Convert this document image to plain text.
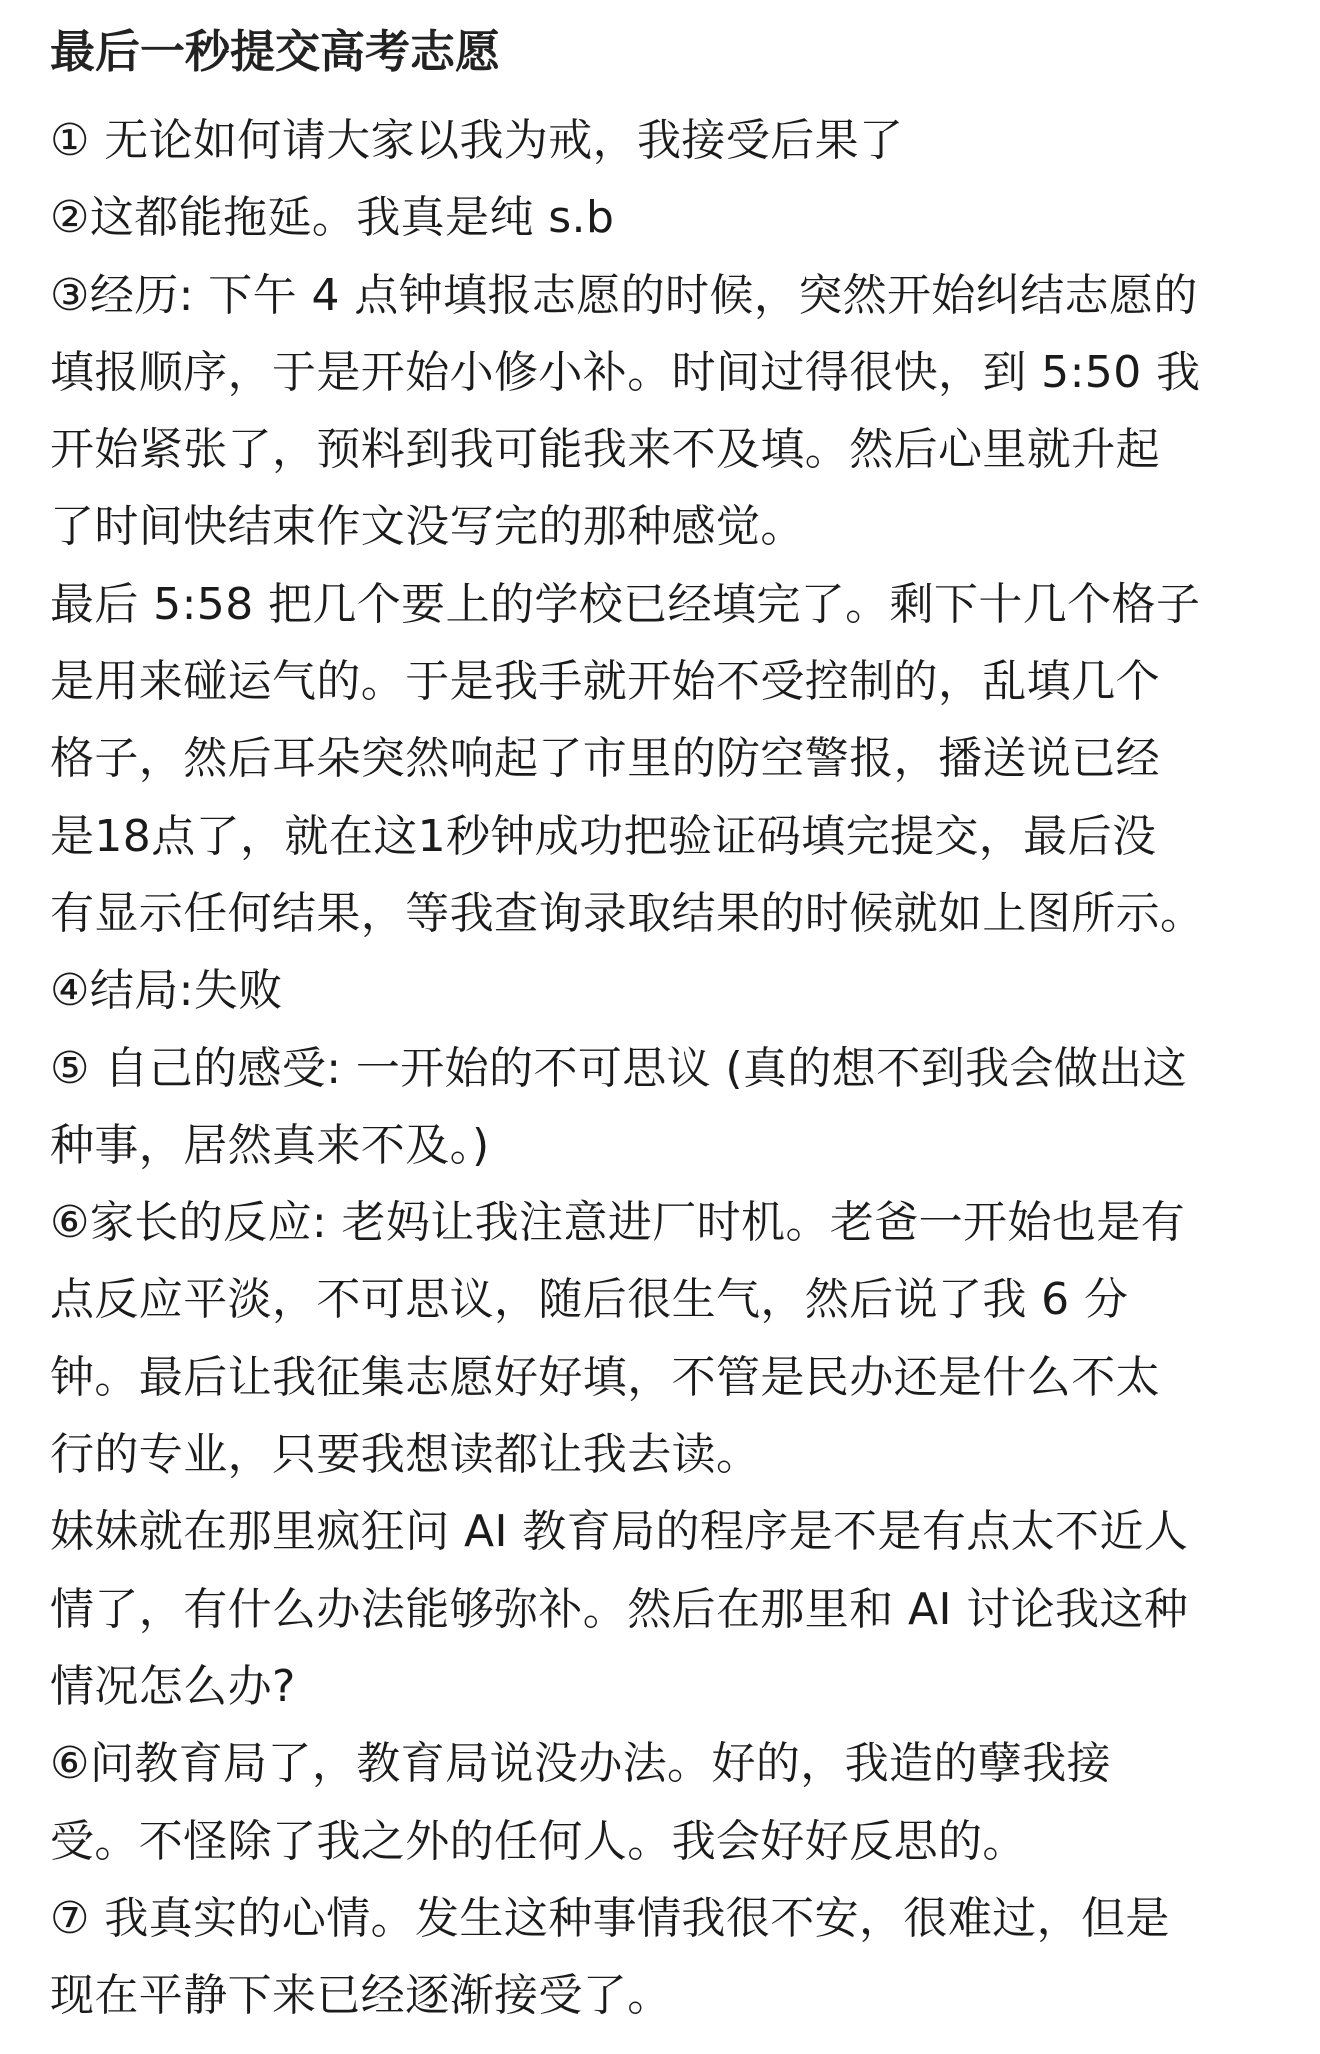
最后一秒提交高考志愿
① 无论如何请大家以我为戒，我接受后果了
②这都能拖延。我真是纯 s.b
③经历: 下午 4 点钟填报志愿的时候，突然开始纠结志愿的
填报顺序，于是开始小修小补。时间过得很快，到 5:50 我
开始紧张了，预料到我可能我来不及填。然后心里就升起
了时间快结束作文没写完的那种感觉。
最后 5:58 把几个要上的学校已经填完了。剩下十几个格子
是用来碰运气的。于是我手就开始不受控制的，乱填几个
格子，然后耳朵突然响起了市里的防空警报，播送说已经
是18点了，就在这1秒钟成功把验证码填完提交，最后没
有显示任何结果，等我查询录取结果的时候就如上图所示。
④结局:失败
⑤ 自己的感受: 一开始的不可思议 (真的想不到我会做出这
种事，居然真来不及。)
⑥家长的反应: 老妈让我注意进厂时机。老爸一开始也是有
点反应平淡，不可思议，随后很生气，然后说了我 6 分
钟。最后让我征集志愿好好填，不管是民办还是什么不太
行的专业，只要我想读都让我去读。
妹妹就在那里疯狂问 AI 教育局的程序是不是有点太不近人
情了，有什么办法能够弥补。然后在那里和 AI 讨论我这种
情况怎么办?
⑥问教育局了，教育局说没办法。好的，我造的孽我接
受。不怪除了我之外的任何人。我会好好反思的。
⑦ 我真实的心情。发生这种事情我很不安，很难过，但是
现在平静下来已经逐渐接受了。
